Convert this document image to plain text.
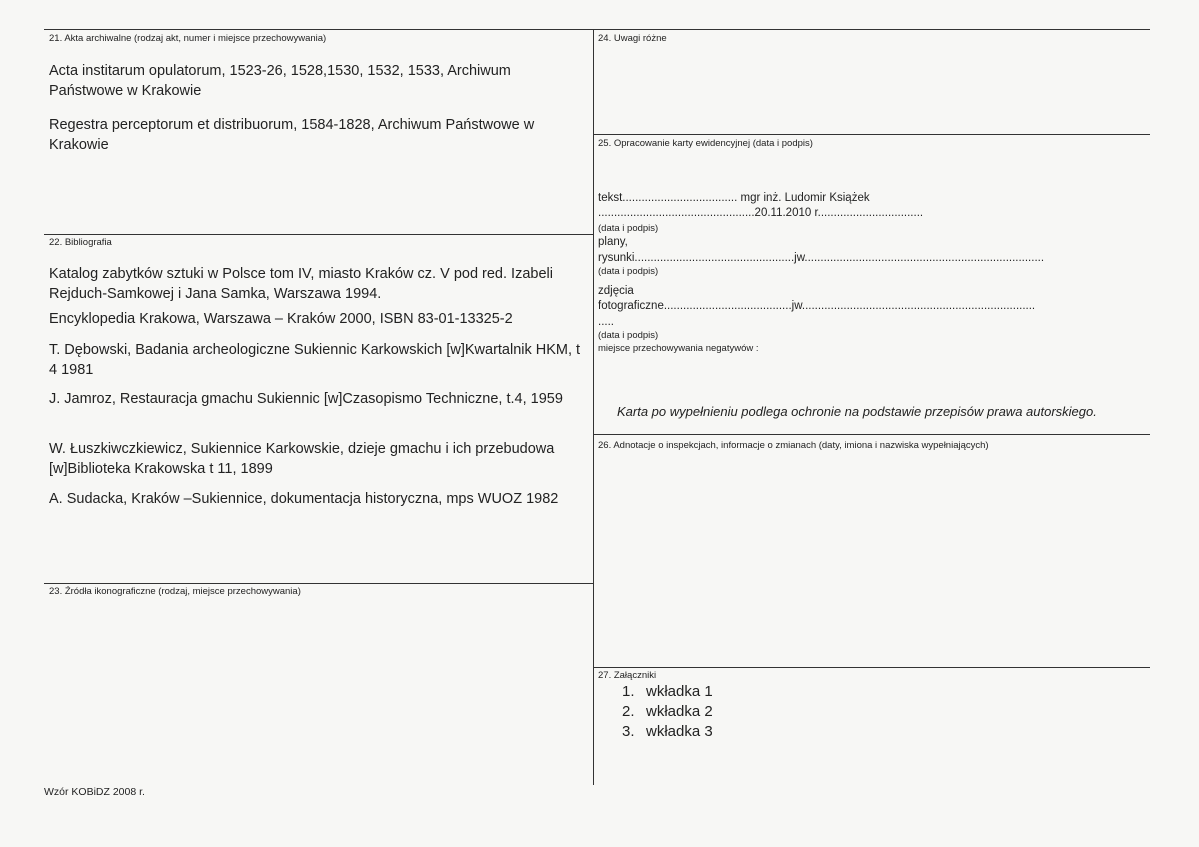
21. Akta archiwalne (rodzaj akt, numer i miejsce przechowywania)
Acta institarum opulatorum, 1523-26, 1528,1530, 1532, 1533, Archiwum Państwowe w Krakowie
Regestra perceptorum et distribuorum, 1584-1828, Archiwum Państwowe w Krakowie
22. Bibliografia
Katalog zabytków sztuki w Polsce tom IV, miasto Kraków cz. V pod red. Izabeli Rejduch-Samkowej i Jana Samka, Warszawa 1994.
Encyklopedia Krakowa, Warszawa – Kraków 2000, ISBN 83-01-13325-2
T. Dębowski, Badania archeologiczne Sukiennic Karkowskich [w]Kwartalnik HKM, t 4 1981
J. Jamroz, Restauracja gmachu Sukiennic [w]Czasopismo Techniczne, t.4, 1959
W. Łuszkiwczkiewicz, Sukiennice Karkowskie, dzieje gmachu i ich przebudowa [w]Biblioteka Krakowska t 11, 1899
A. Sudacka, Kraków –Sukiennice, dokumentacja historyczna, mps WUOZ 1982
23. Źródła ikonograficzne (rodzaj, miejsce przechowywania)
Wzór KOBiDZ 2008 r.
24. Uwagi różne
25. Opracowanie karty ewidencyjnej (data i podpis)
tekst.................................... mgr inż. Ludomir Książek
.................................................20.11.2010 r.................................
(data i podpis)
plany,
rysunki..................................................jw...........................................................................
(data i podpis)
zdjęcia
fotograficzne........................................jw.........................................................................
.....
(data i podpis)
miejsce przechowywania negatywów :
Karta po wypełnieniu podlega ochronie na podstawie przepisów prawa autorskiego.
26. Adnotacje o inspekcjach, informacje o zmianach (daty, imiona i nazwiska wypełniających)
27. Załączniki
1. wkładka 1
2. wkładka 2
3. wkładka 3
